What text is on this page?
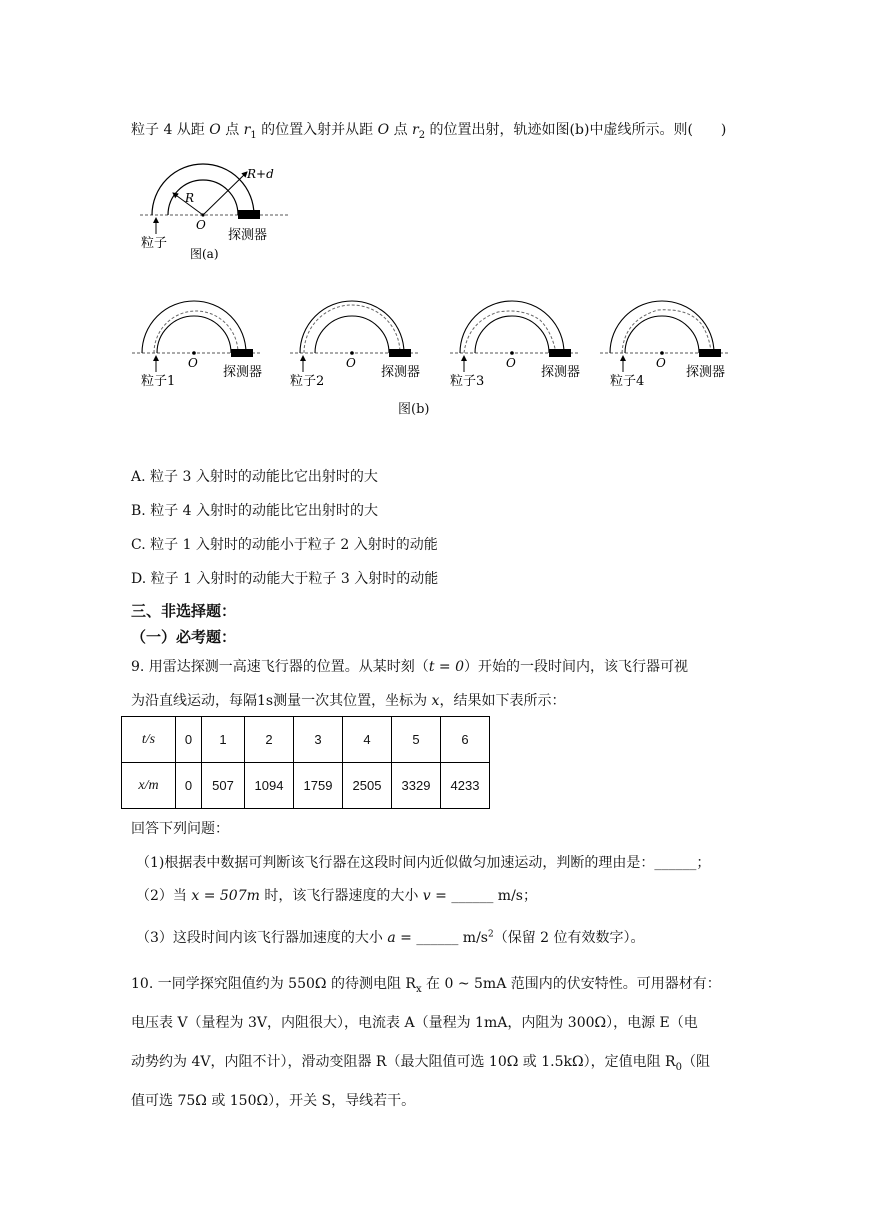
粒子 4 从距 O 点 $r_1$ 的位置入射并从距 O 点 $r_2$ 的位置出射，轨迹如图(b)中虚线所示。则(　　)
R
R+d
O
粒子
探测器
图(a)
O
粒子1
探测器
O
粒子2
探测器
O
粒子3
探测器
O
粒子4
探测器
图(b)
A. 粒子 3 入射时的动能比它出射时的大
B. 粒子 4 入射时的动能比它出射时的大
C. 粒子 1 入射时的动能小于粒子 2 入射时的动能
D. 粒子 1 入射时的动能大于粒子 3 入射时的动能
三、非选择题：
（一）必考题：
9. 用雷达探测一高速飞行器的位置。从某时刻（t = 0）开始的一段时间内，该飞行器可视
为沿直线运动，每隔1s测量一次其位置，坐标为 x，结果如下表所示：
t/s	0	1	2	3	4	5	6
x/m	0	507	1094	1759	2505	3329	4233
回答下列问题：
（1)根据表中数据可判断该飞行器在这段时间内近似做匀加速运动，判断的理由是：______；
（2）当 x = 507m 时，该飞行器速度的大小 v = ______ m/s；
（3）这段时间内该飞行器加速度的大小 a = ______ $m/s^2$（保留 2 位有效数字）。
10. 一同学探究阻值约为 550Ω 的待测电阻 $R_x$ 在 0 ~ 5mA 范围内的伏安特性。可用器材有：
电压表 V（量程为 3V，内阻很大），电流表 A（量程为 1mA，内阻为 300Ω），电源 E（电
动势约为 4V，内阻不计），滑动变阻器 R（最大阻值可选 10Ω 或 1.5kΩ），定值电阻 $R_0$（阻
值可选 75Ω 或 150Ω），开关 S，导线若干。
